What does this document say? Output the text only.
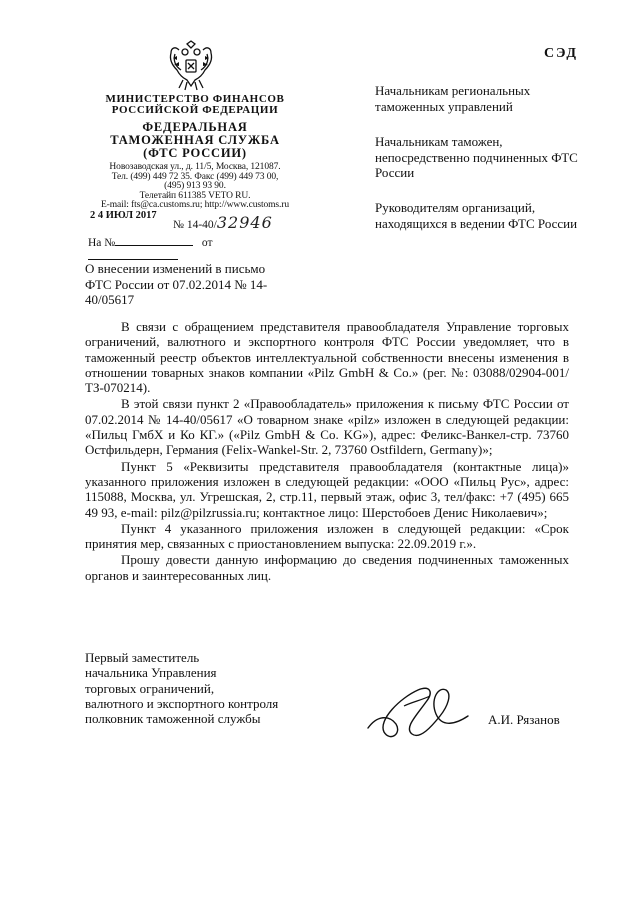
МИНИСТЕРСТВО ФИНАНСОВ
РОССИЙСКОЙ ФЕДЕРАЦИИ
ФЕДЕРАЛЬНАЯ
ТАМОЖЕННАЯ СЛУЖБА
(ФТС РОССИИ)
Новозаводская ул., д. 11/5, Москва, 121087.
Тел. (499) 449 72 35. Факс (499) 449 73 00,
(495) 913 93 90.
Телетайп 611385 VETO RU.
E-mail: fts@ca.customs.ru; http://www.customs.ru
2 4 ИЮЛ 2017
№ 14-40/32946
На №	от
СЭД
Начальникам региональных таможенных управлений
Начальникам таможен, непосредственно подчиненных ФТС России
Руководителям организаций, находящихся в ведении ФТС России
О внесении изменений в письмо ФТС России от 07.02.2014 № 14-40/05617

В связи с обращением представителя правообладателя Управление торговых ограничений, валютного и экспортного контроля ФТС России уведомляет, что в таможенный реестр объектов интеллектуальной собственности внесены изменения в отношении товарных знаков компании «Pilz GmbH & Co.» (рег. №: 03088/02904-001/ТЗ-070214).

В этой связи пункт 2 «Правообладатель» приложения к письму ФТС России от 07.02.2014 № 14-40/05617 «О товарном знаке «pilz» изложен в следующей редакции: «Пильц ГмбХ и Ко КГ.» («Pilz GmbH & Co. KG»), адрес: Феликс-Ванкел-стр. 73760 Остфильдерн, Германия (Felix-Wankel-Str. 2, 73760 Ostfildern, Germany)»;

Пункт 5 «Реквизиты представителя правообладателя (контактные лица)» указанного приложения изложен в следующей редакции: «ООО «Пильц Рус», адрес: 115088, Москва, ул. Угрешская, 2, стр.11, первый этаж, офис 3, тел/факс: +7 (495) 665 49 93, e-mail: pilz@pilzrussia.ru; контактное лицо: Шерстобоев Денис Николаевич»;

Пункт 4 указанного приложения изложен в следующей редакции: «Срок принятия мер, связанных с приостановлением выпуска: 22.09.2019 г.».

Прошу довести данную информацию до сведения подчиненных таможенных органов и заинтересованных лиц.

Первый заместитель
начальника Управления
торговых ограничений,
валютного и экспортного контроля
полковник таможенной службы	А.И. Рязанов
